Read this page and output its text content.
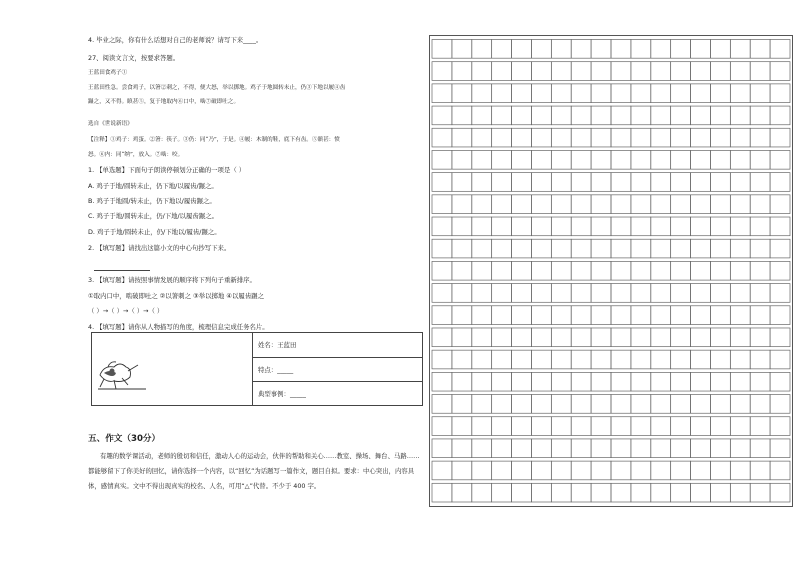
4. 毕业之际，你有什么话想对自己的老师说？请写下来____。
27、阅读文言文，按要求答题。
王蓝田食鸡子①
王蓝田性急。尝食鸡子，以箸②刺之，不得，便大怒，举以掷地。鸡子于地圆转未止，仍③下地以履④齿
蹍之，又不得。瞋甚⑤，复于地取内⑥口中，啮⑦破即吐之。
选自《世说新语》
【注释】①鸡子：鸡蛋。②箸：筷子。③仍：同“乃”，于是。④履：木制的鞋，底下有齿。⑤瞋甚：愤
怒。⑥内：同“纳”，放入。⑦啮：咬。
1. 【单选题】下面句子朗读停顿划分正确的一项是（ ）
A. 鸡子于地/圆转未止，仍下地/以履齿/蹍之。
B. 鸡子于地圆/转未止，仍下地以/履齿蹍之。
C. 鸡子于地/圆转未止，仍/下地/以履齿蹍之。
D. 鸡子于地/圆转未止，仍/下地以/履齿/蹍之。
2. 【填写题】请找出这篇小文的中心句抄写下来。
3. 【填写题】请按照事情发展的顺序将下列句子重新排序。
①取内口中，啮破即吐之 ②以箸刺之 ③举以掷地 ④以履齿蹍之
（ ）→（ ）→（ ）→（ ）
4. 【填写题】请你从人物描写的角度，梳理信息完成任务名片。
姓名：王蓝田
特点：_____
典型事例：_____
五、作文（30分）

有趣的数学课活动，老师的殷切和信任，激动人心的运动会，伙伴的帮助和关心……教室、操场、舞台、马路……都能够留下了你美好的回忆，请你选择一个内容，以“回忆”为话题写一篇作文，题目自拟。要求：中心突出，内容具体，感情真实。文中不得出现真实的校名、人名，可用“△”代替。不少于 400 字。
